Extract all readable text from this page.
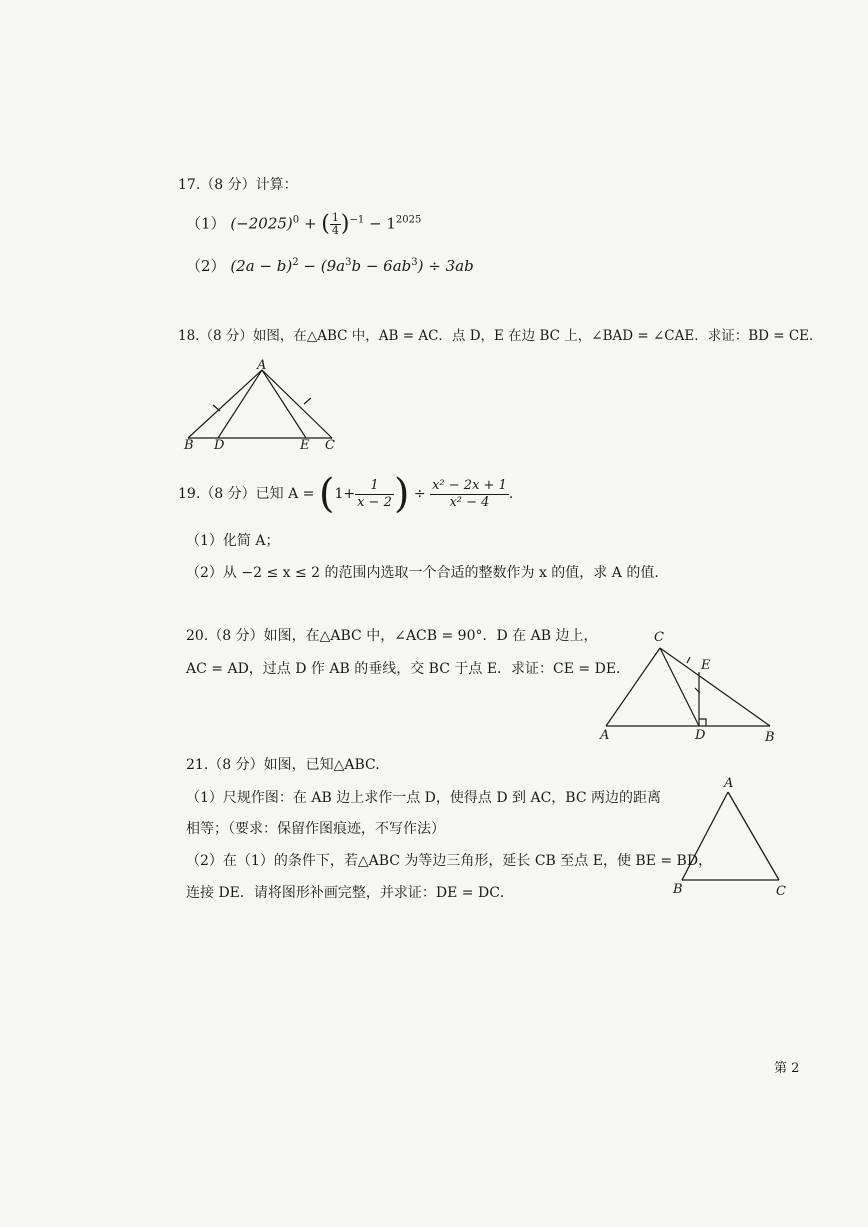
17.（8 分）计算：
（1） $(-2025)^0$ + ( $\frac{1}{4} )^{-1} - 1^{2025}$
（2） $(2a - b)^2 - (9a^3b - 6ab^3) \div 3ab$
18.（8 分）如图，在△ABC 中，AB = AC．点 D，E 在边 BC 上，∠BAD = ∠CAE．求证：BD = CE．
A
B D	E C
19.（8 分）已知 $A = (1+ \frac{1}{x - 2}$ ) ÷ $\frac{\text{x² − 2x + 1}}{\text{x² − 4}}$ .
（1）化简 A；
（2）从 −2 ≤ x ≤ 2 的范围内选取一个合适的整数作为 x 的值，求 A 的值.
20.（8 分）如图，在△ABC 中，∠ACB = 90°．D 在 AB 边上，
AC = AD，过点 D 作 AB 的垂线，交 BC 于点 E．求证：CE = DE．
C
E
A	D	B
21.（8 分）如图，已知△ABC.
（1）尺规作图：在 AB 边上求作一点 D，使得点 D 到 AC，BC 两边的距离
相等；（要求：保留作图痕迹，不写作法）
（2）在（1）的条件下，若△ABC 为等边三角形，延长 CB 至点 E，使 BE = BD，
连接 DE．请将图形补画完整，并求证：DE = DC．
A
B	C
第 2
